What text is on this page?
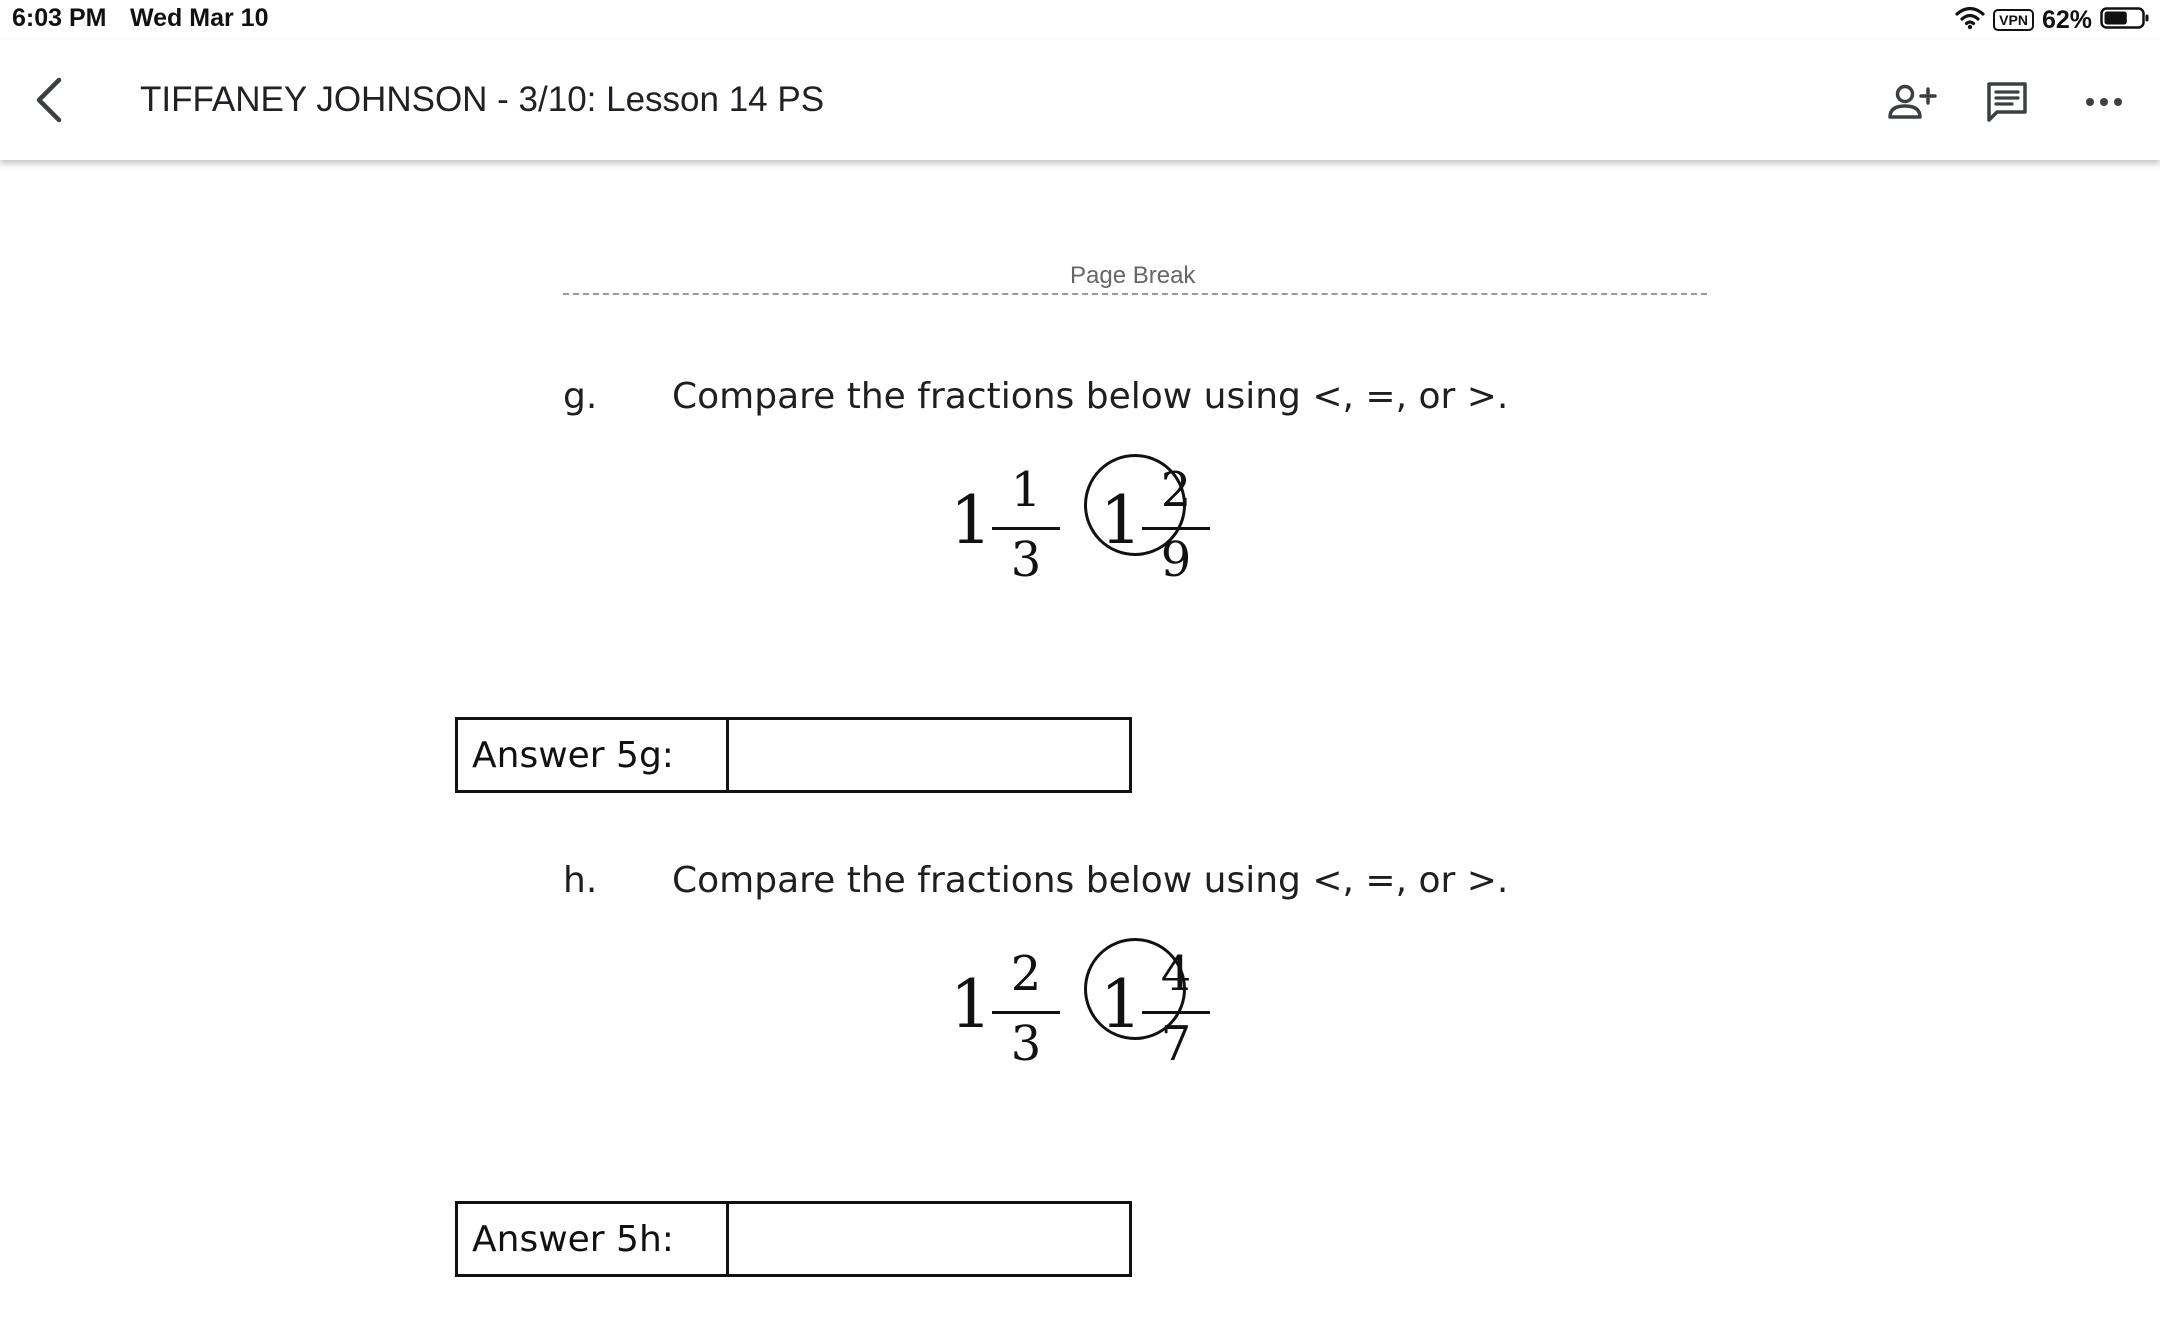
6:03 PM Wed Mar 10	VPN 62%
TIFFANEY JOHNSON - 3/10: Lesson 14 PS
Page Break
g. Compare the fractions below using <, =, or >.
1 1
3
1 2
9
Answer 5g:	
h. Compare the fractions below using <, =, or >.
1 2
3
1 4
7
Answer 5h:	
